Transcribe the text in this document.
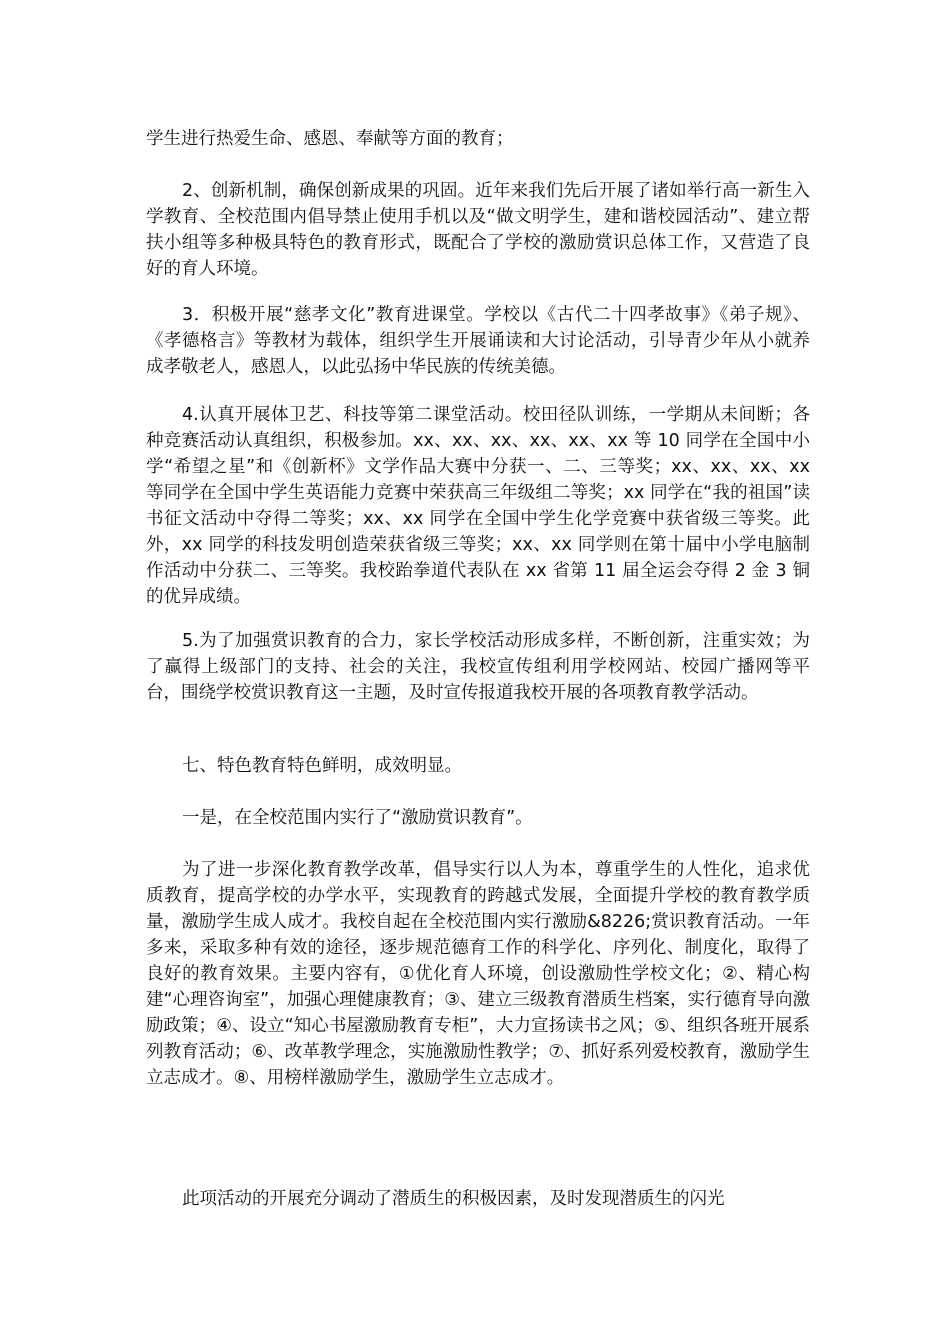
学生进行热爱生命、感恩、奉献等方面的教育；

2、创新机制，确保创新成果的巩固。近年来我们先后开展了诸如举行高一新生入学教育、全校范围内倡导禁止使用手机以及“做文明学生，建和谐校园活动”、建立帮扶小组等多种极具特色的教育形式，既配合了学校的激励赏识总体工作，又营造了良好的育人环境。

3．积极开展“慈孝文化”教育进课堂。学校以《古代二十四孝故事》《弟子规》、《孝德格言》等教材为载体，组织学生开展诵读和大讨论活动，引导青少年从小就养成孝敬老人，感恩人，以此弘扬中华民族的传统美德。

4.认真开展体卫艺、科技等第二课堂活动。校田径队训练，一学期从未间断；各种竞赛活动认真组织，积极参加。xx、xx、xx、xx、xx、xx 等 10 同学在全国中小学“希望之星”和《创新杯》文学作品大赛中分获一、二、三等奖；xx、xx、xx、xx 等同学在全国中学生英语能力竞赛中荣获高三年级组二等奖；xx 同学在“我的祖国”读书征文活动中夺得二等奖；xx、xx 同学在全国中学生化学竞赛中获省级三等奖。此外，xx 同学的科技发明创造荣获省级三等奖；xx、xx 同学则在第十届中小学电脑制作活动中分获二、三等奖。我校跆拳道代表队在 xx 省第 11 届全运会夺得 2 金 3 铜的优异成绩。

5.为了加强赏识教育的合力，家长学校活动形成多样，不断创新，注重实效；为了赢得上级部门的支持、社会的关注，我校宣传组利用学校网站、校园广播网等平台，围绕学校赏识教育这一主题，及时宣传报道我校开展的各项教育教学活动。

七、特色教育特色鲜明，成效明显。

一是，在全校范围内实行了“激励赏识教育”。

为了进一步深化教育教学改革，倡导实行以人为本，尊重学生的人性化，追求优质教育，提高学校的办学水平，实现教育的跨越式发展，全面提升学校的教育教学质量，激励学生成人成才。我校自起在全校范围内实行激励&8226;赏识教育活动。一年多来，采取多种有效的途径，逐步规范德育工作的科学化、序列化、制度化，取得了良好的教育效果。主要内容有，①优化育人环境，创设激励性学校文化；②、精心构建“心理咨询室”，加强心理健康教育；③、建立三级教育潜质生档案，实行德育导向激励政策；④、设立“知心书屋激励教育专柜”，大力宣扬读书之风；⑤、组织各班开展系列教育活动；⑥、改革教学理念，实施激励性教学；⑦、抓好系列爱校教育，激励学生立志成才。⑧、用榜样激励学生，激励学生立志成才。

此项活动的开展充分调动了潜质生的积极因素，及时发现潜质生的闪光
